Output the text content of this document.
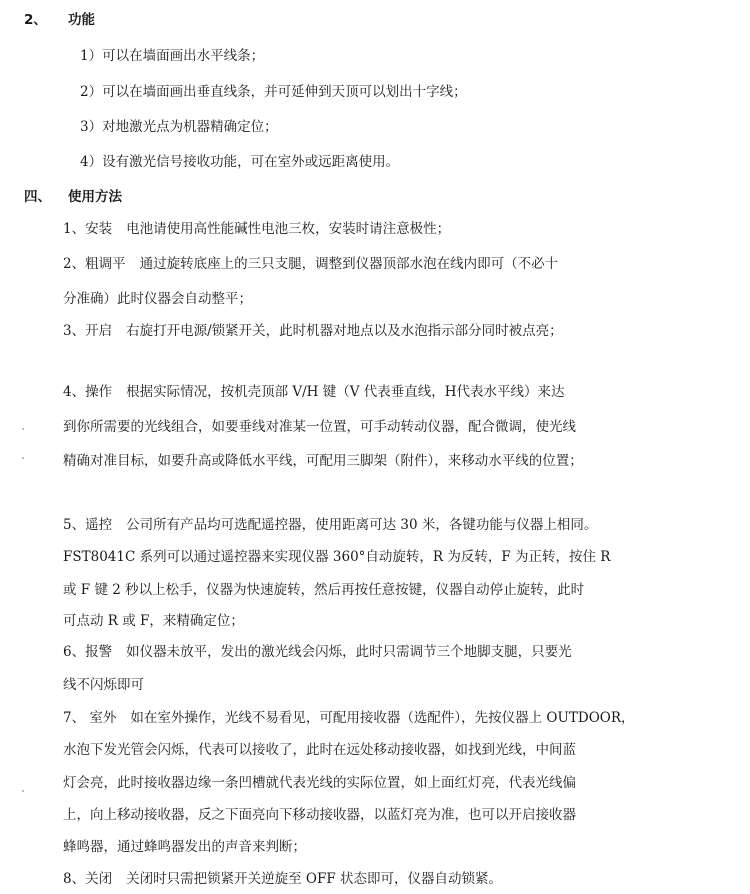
2、 功能
1）可以在墙面画出水平线条；
2）可以在墙面画出垂直线条，并可延伸到天顶可以划出十字线；
3）对地激光点为机器精确定位；
4）设有激光信号接收功能，可在室外或远距离使用。
四、 使用方法
1、安装 电池请使用高性能碱性电池三枚，安装时请注意极性；
2、粗调平 通过旋转底座上的三只支腿，调整到仪器顶部水泡在线内即可（不必十
分准确）此时仪器会自动整平；
3、开启 右旋打开电源/锁紧开关，此时机器对地点以及水泡指示部分同时被点亮；
4、操作 根据实际情况，按机壳顶部 V/H 键（V 代表垂直线，H代表水平线）来达
到你所需要的光线组合，如要垂线对准某一位置，可手动转动仪器，配合微调，使光线
精确对准目标，如要升高或降低水平线，可配用三脚架（附件），来移动水平线的位置；
5、遥控 公司所有产品均可选配遥控器，使用距离可达 30 米，各键功能与仪器上相同。
FST8041C 系列可以通过遥控器来实现仪器 360°自动旋转，R 为反转，F 为正转，按住 R
或 F 键 2 秒以上松手，仪器为快速旋转，然后再按任意按键，仪器自动停止旋转，此时
可点动 R 或 F，来精确定位；
6、报警 如仪器未放平，发出的激光线会闪烁，此时只需调节三个地脚支腿，只要光
线不闪烁即可
7、 室外 如在室外操作，光线不易看见，可配用接收器（选配件），先按仪器上 OUTDOOR，
水泡下发光管会闪烁，代表可以接收了，此时在远处移动接收器，如找到光线，中间蓝
灯会亮，此时接收器边缘一条凹槽就代表光线的实际位置，如上面红灯亮，代表光线偏
上，向上移动接收器，反之下面亮向下移动接收器，以蓝灯亮为准，也可以开启接收器
蜂鸣器，通过蜂鸣器发出的声音来判断；
8、关闭 关闭时只需把锁紧开关逆旋至 OFF 状态即可，仪器自动锁紧。
